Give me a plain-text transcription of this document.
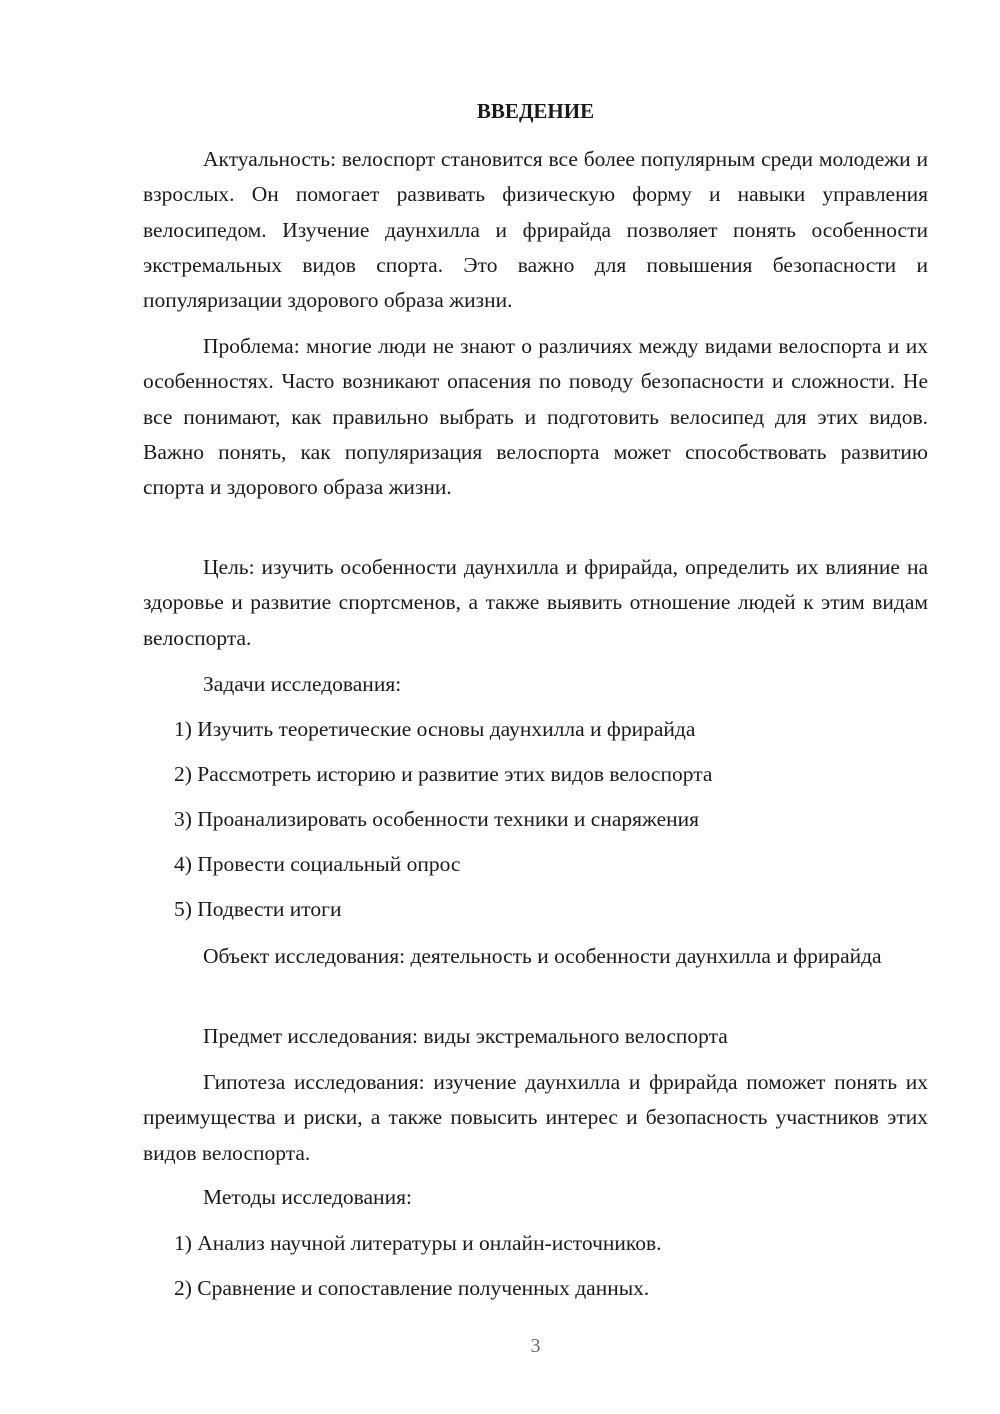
ВВЕДЕНИЕ

Актуальность: велоспорт становится все более популярным среди молодежи и взрослых. Он помогает развивать физическую форму и навыки управления велосипедом. Изучение даунхилла и фрирайда позволяет понять особенности экстремальных видов спорта. Это важно для повышения безопасности и популяризации здорового образа жизни.

Проблема: многие люди не знают о различиях между видами велоспорта и их особенностях. Часто возникают опасения по поводу безопасности и сложности. Не все понимают, как правильно выбрать и подготовить велосипед для этих видов. Важно понять, как популяризация велоспорта может способствовать развитию спорта и здорового образа жизни.

Цель: изучить особенности даунхилла и фрирайда, определить их влияние на здоровье и развитие спортсменов, а также выявить отношение людей к этим видам велоспорта.

Задачи исследования:

1) Изучить теоретические основы даунхилла и фрирайда

2) Рассмотреть историю и развитие этих видов велоспорта

3) Проанализировать особенности техники и снаряжения

4) Провести социальный опрос

5) Подвести итоги

Объект исследования: деятельность и особенности даунхилла и фрирайда

Предмет исследования: виды экстремального велоспорта

Гипотеза исследования: изучение даунхилла и фрирайда поможет понять их преимущества и риски, а также повысить интерес и безопасность участников этих видов велоспорта.

Методы исследования:

1) Анализ научной литературы и онлайн-источников.

2) Сравнение и сопоставление полученных данных.

3
